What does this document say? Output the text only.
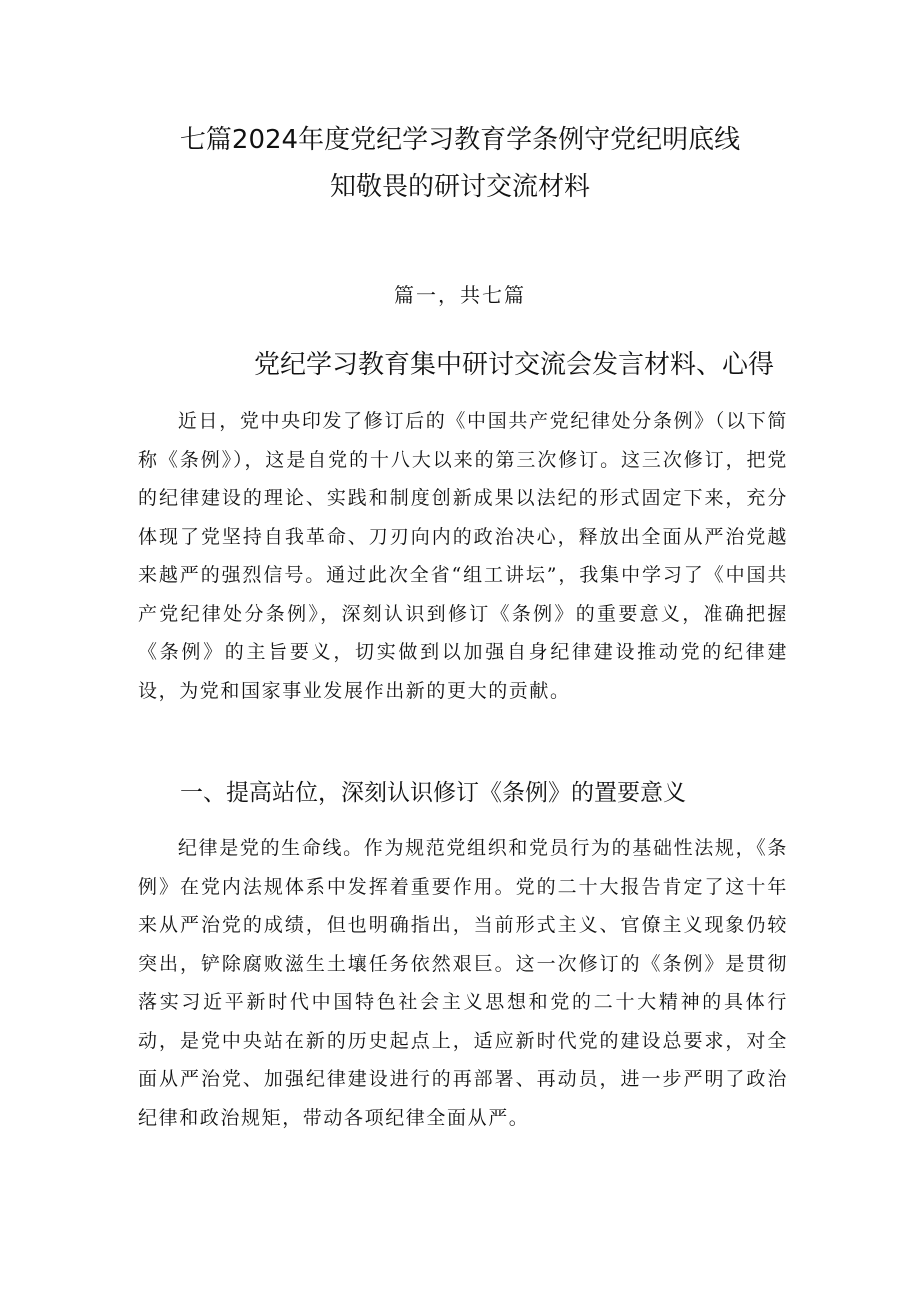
七篇2024年度党纪学习教育学条例守党纪明底线
知敬畏的研讨交流材料
篇一，共七篇
党纪学习教育集中研讨交流会发言材料、心得

近日，党中央印发了修订后的《中国共产党纪律处分条例》（以下简称《条例》），这是自党的十八大以来的第三次修订。这三次修订，把党的纪律建设的理论、实践和制度创新成果以法纪的形式固定下来，充分体现了党坚持自我革命、刀刃向内的政治决心，释放出全面从严治党越来越严的强烈信号。通过此次全省“组工讲坛”，我集中学习了《中国共产党纪律处分条例》，深刻认识到修订《条例》的重要意义，准确把握《条例》的主旨要义，切实做到以加强自身纪律建设推动党的纪律建设，为党和国家事业发展作出新的更大的贡献。

一、提高站位，深刻认识修订《条例》的置要意义

纪律是党的生命线。作为规范党组织和党员行为的基础性法规，《条例》在党内法规体系中发挥着重要作用。党的二十大报告肯定了这十年来从严治党的成绩，但也明确指出，当前形式主义、官僚主义现象仍较突出，铲除腐败滋生土壤任务依然艰巨。这一次修订的《条例》是贯彻落实习近平新时代中国特色社会主义思想和党的二十大精神的具体行动，是党中央站在新的历史起点上，适应新时代党的建设总要求，对全面从严治党、加强纪律建设进行的再部署、再动员，进一步严明了政治纪律和政治规矩，带动各项纪律全面从严。
